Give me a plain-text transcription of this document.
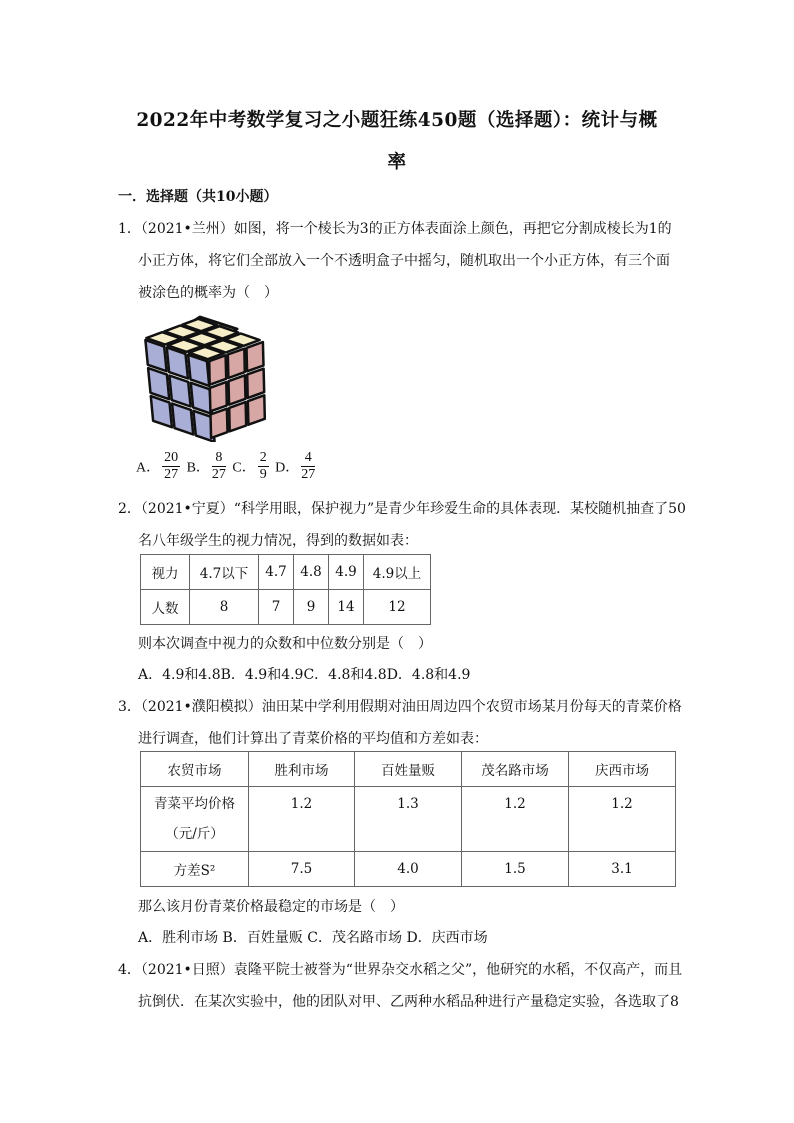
2022年中考数学复习之小题狂练450题（选择题）：统计与概
率
一．选择题（共10小题）
1．（2021•兰州）如图，将一个棱长为3的正方体表面涂上颜色，再把它分割成棱长为1的
小正方体，将它们全部放入一个不透明盒子中摇匀，随机取出一个小正方体，有三个面
被涂色的概率为（　）
A． $\frac{20}{27}$ B． $\frac{8}{27}$ C． $\frac{2}{9}$ D． $\frac{4}{27}$
2．（2021•宁夏）“科学用眼，保护视力”是青少年珍爱生命的具体表现．某校随机抽查了50
名八年级学生的视力情况，得到的数据如表：
视力	4.7以下	4.7	4.8	4.9	4.9以上
人数	8	7	9	14	12
则本次调查中视力的众数和中位数分别是（　）
A．4.9和4.8B．4.9和4.9C．4.8和4.8D．4.8和4.9
3．（2021•濮阳模拟）油田某中学利用假期对油田周边四个农贸市场某月份每天的青菜价格
进行调查，他们计算出了青菜价格的平均值和方差如表：
农贸市场	胜利市场	百姓量贩	茂名路市场	庆西市场

青菜平均价格
（元/斤）	1.2	1.3	1.2	1.2
方差S²	7.5	4.0	1.5	3.1
那么该月份青菜价格最稳定的市场是（　）
A．胜利市场 B．百姓量贩 C．茂名路市场 D．庆西市场
4．（2021•日照）袁隆平院士被誉为“世界杂交水稻之父”，他研究的水稻，不仅高产，而且
抗倒伏．在某次实验中，他的团队对甲、乙两种水稻品种进行产量稳定实验，各选取了8
